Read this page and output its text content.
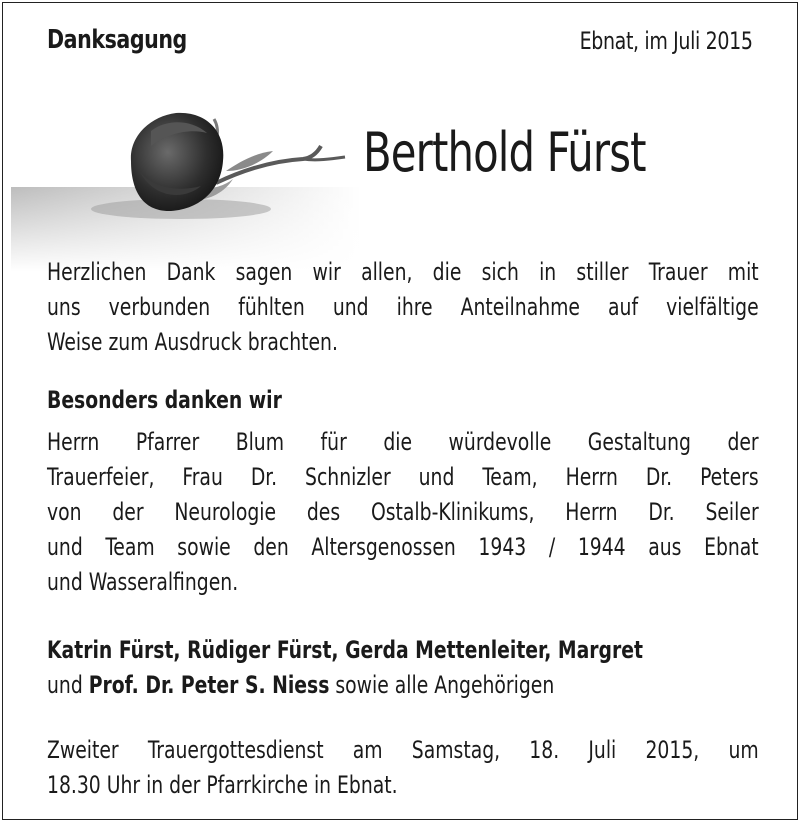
Danksagung	Ebnat, im Juli 2015
Berthold Fürst
Herzlichen Dank sagen wir allen, die sich in stiller Trauer mit
uns verbunden fühlten und ihre Anteilnahme auf vielfältige
Weise zum Ausdruck brachten.
Besonders danken wir
Herrn Pfarrer Blum für die würdevolle Gestaltung der
Trauerfeier, Frau Dr. Schnizler und Team, Herrn Dr. Peters
von der Neurologie des Ostalb-Klinikums, Herrn Dr. Seiler
und Team sowie den Altersgenossen 1943 / 1944 aus Ebnat
und Wasseralfingen.
Katrin Fürst, Rüdiger Fürst, Gerda Mettenleiter, Margret
und Prof. Dr. Peter S. Niess sowie alle Angehörigen
Zweiter Trauergottesdienst am Samstag, 18. Juli 2015, um
18.30 Uhr in der Pfarrkirche in Ebnat.
